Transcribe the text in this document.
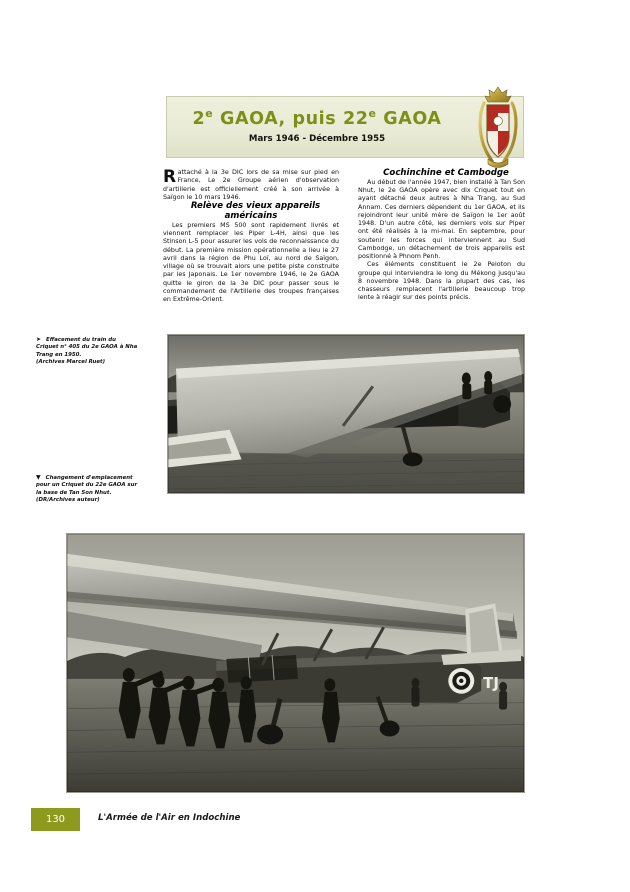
2e GAOA, puis 22e GAOA
Mars 1946 - Décembre 1955

Rattaché à la 3e DIC lors de sa mise sur pied en France, Le 2e Groupe aérien d'observation d'artillerie est officiellement créé à son arrivée à Saïgon le 10 mars 1946.

Relève des vieux appareils américains

Les premiers MS 500 sont rapidement livrés et viennent remplacer les Piper L-4H, ainsi que les Stinson L-5 pour assurer les vols de reconnaissance du début. La première mission opérationnelle a lieu le 27 avril dans la région de Phu Loï, au nord de Saïgon, village où se trouvait alors une petite piste construite par les Japonais. Le 1er novembre 1946, le 2e GAOA quitte le giron de la 3e DIC pour passer sous le commandement de l'Artillerie des troupes françaises en Extrême-Orient.

Cochinchine et Cambodge

Au début de l'année 1947, bien installé à Tan Son Nhut, le 2e GAOA opère avec dix Criquet tout en ayant détaché deux autres à Nha Trang, au Sud Annam. Ces derniers dépendent du 1er GAOA, et ils rejoindront leur unité mère de Saïgon le 1er août 1948. D'un autre côté, les derniers vols sur Piper ont été réalisés à la mi-mai. En septembre, pour soutenir les forces qui interviennent au Sud Cambodge, un détachement de trois appareils est positionné à Phnom Penh.

Ces éléments constituent le 2e Peloton du groupe qui interviendra le long du Mékong jusqu'au 8 novembre 1948. Dans la plupart des cas, les chasseurs remplacent l'artillerie beaucoup trop lente à réagir sur des points précis.

➤ Effacement du train du Criquet n° 405 du 2e GAOA à Nha Trang en 1950.
(Archives Marcel Ruet)
▼ Changement d'emplacement pour un Criquet du 22e GAOA sur la base de Tan Son Nhut.
(DR/Archives auteur)
TJ
130	L'Armée de l'Air en Indochine
